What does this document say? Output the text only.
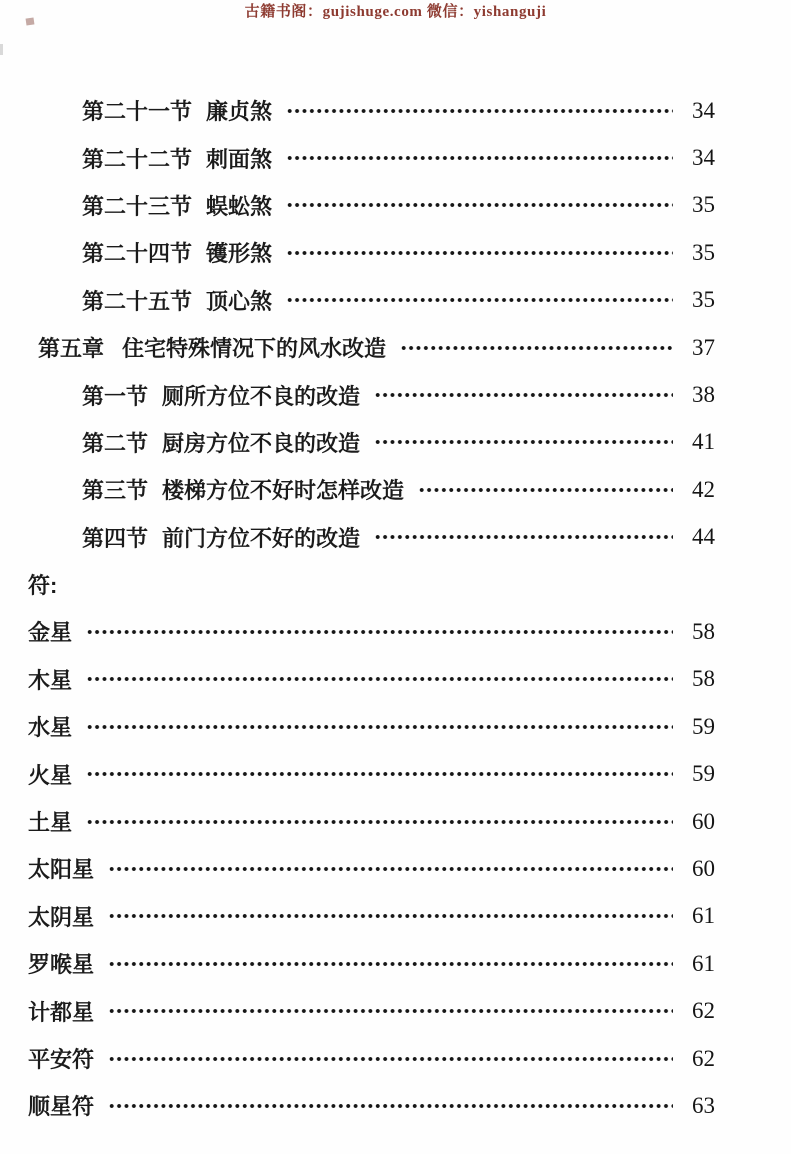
古籍书阁：gujishuge.com 微信：yishanguji
第二十一节 廉贞煞	34
第二十二节 刺面煞	34
第二十三节 蜈蚣煞	35
第二十四节 镬形煞	35
第二十五节 顶心煞	35
第五章 住宅特殊情况下的风水改造	37
第一节 厕所方位不良的改造	38
第二节 厨房方位不良的改造	41
第三节 楼梯方位不好时怎样改造	42
第四节 前门方位不好的改造	44
符:
金星	58
木星	58
水星	59
火星	59
土星	60
太阳星	60
太阴星	61
罗喉星	61
计都星	62
平安符	62
顺星符	63
